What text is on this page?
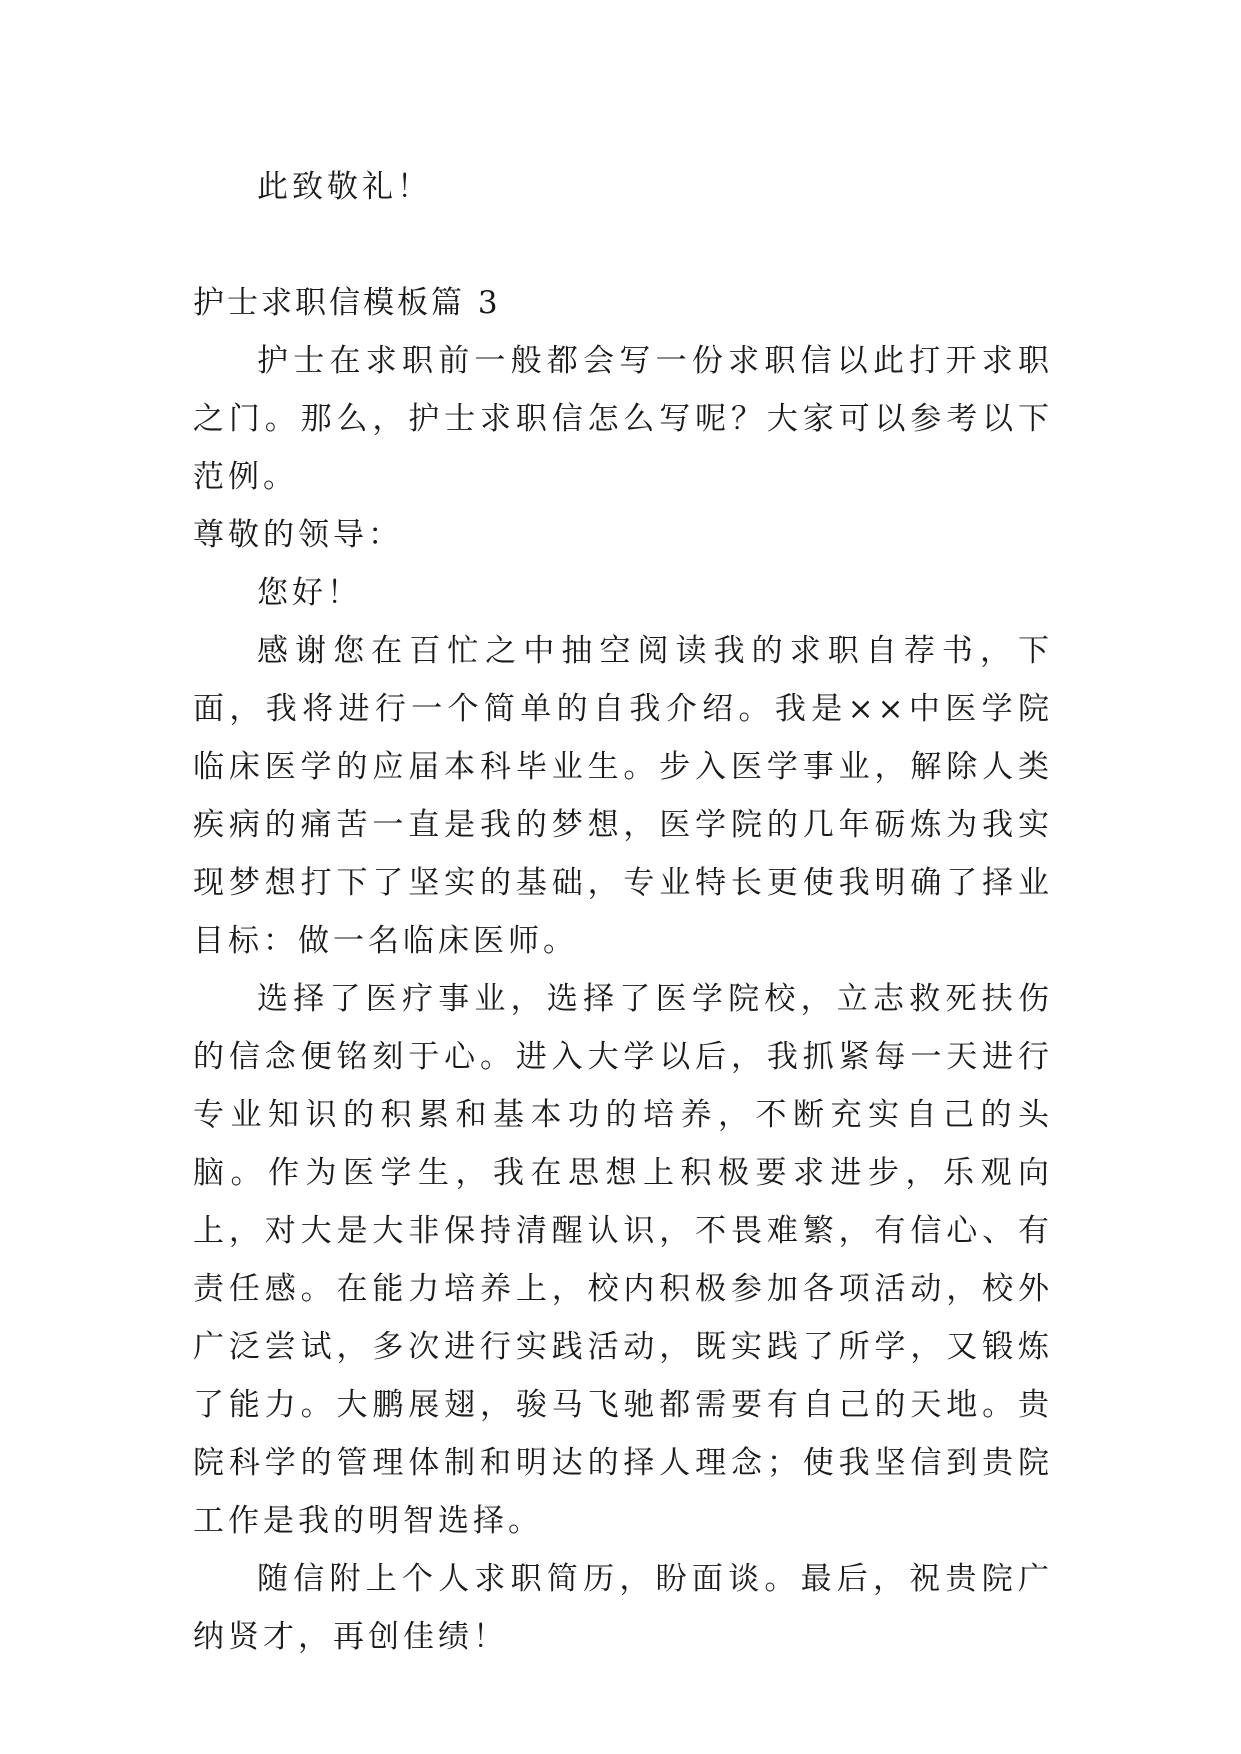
此致敬礼！

护士求职信模板篇 3

护士在求职前一般都会写一份求职信以此打开求职之门。那么，护士求职信怎么写呢？大家可以参考以下范例。

尊敬的领导：

您好！

感谢您在百忙之中抽空阅读我的求职自荐书，下面，我将进行一个简单的自我介绍。我是××中医学院临床医学的应届本科毕业生。步入医学事业，解除人类疾病的痛苦一直是我的梦想，医学院的几年砺炼为我实现梦想打下了坚实的基础，专业特长更使我明确了择业目标：做一名临床医师。

选择了医疗事业，选择了医学院校，立志救死扶伤的信念便铭刻于心。进入大学以后，我抓紧每一天进行专业知识的积累和基本功的培养，不断充实自己的头脑。作为医学生，我在思想上积极要求进步，乐观向上，对大是大非保持清醒认识，不畏难繁，有信心、有责任感。在能力培养上，校内积极参加各项活动，校外广泛尝试，多次进行实践活动，既实践了所学，又锻炼了能力。大鹏展翅，骏马飞驰都需要有自己的天地。贵院科学的管理体制和明达的择人理念；使我坚信到贵院工作是我的明智选择。

随信附上个人求职简历，盼面谈。最后，祝贵院广纳贤才，再创佳绩！
